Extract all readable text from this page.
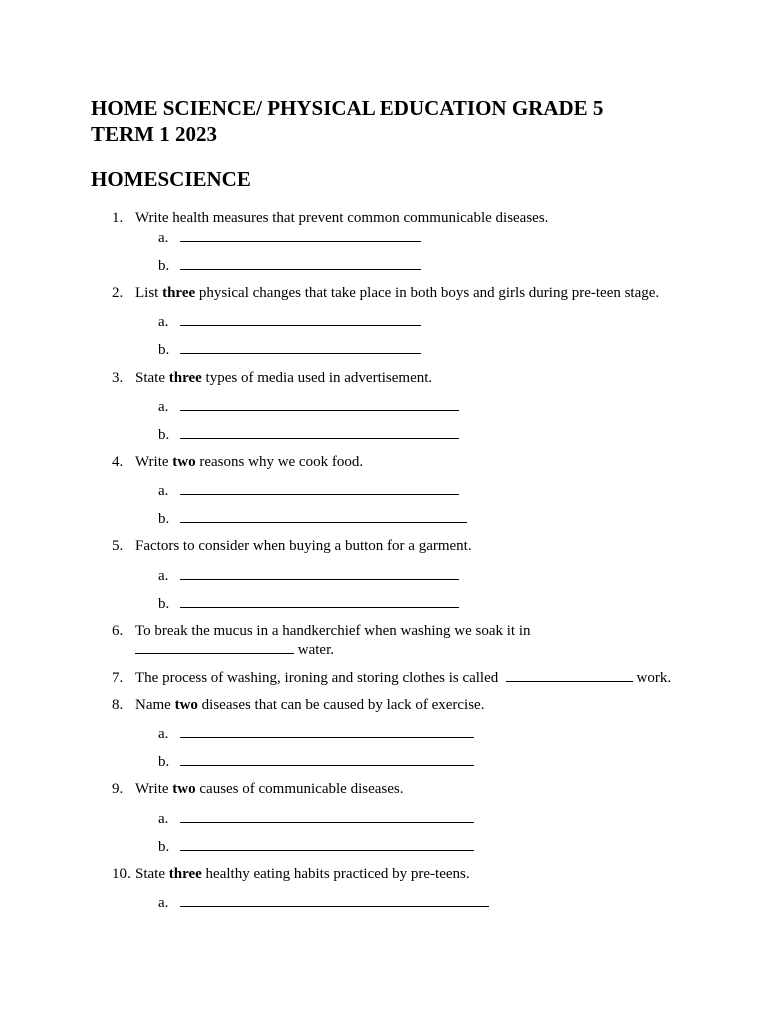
HOME SCIENCE/ PHYSICAL EDUCATION GRADE 5
TERM 1 2023
HOMESCIENCE
1. Write health measures that prevent common communicable diseases.
a.
b.
2. List three physical changes that take place in both boys and girls during pre-teen stage.
a.
b.
3. State three types of media used in advertisement.
a.
b.
4. Write two reasons why we cook food.
a.
b.
5. Factors to consider when buying a button for a garment.
a.
b.
6. To break the mucus in a handkerchief when washing we soak it in
water.
7. The process of washing, ironing and storing clothes is called	work.
8. Name two diseases that can be caused by lack of exercise.
a.
b.
9. Write two causes of communicable diseases.
a.
b.
10. State three healthy eating habits practiced by pre-teens.
a.
